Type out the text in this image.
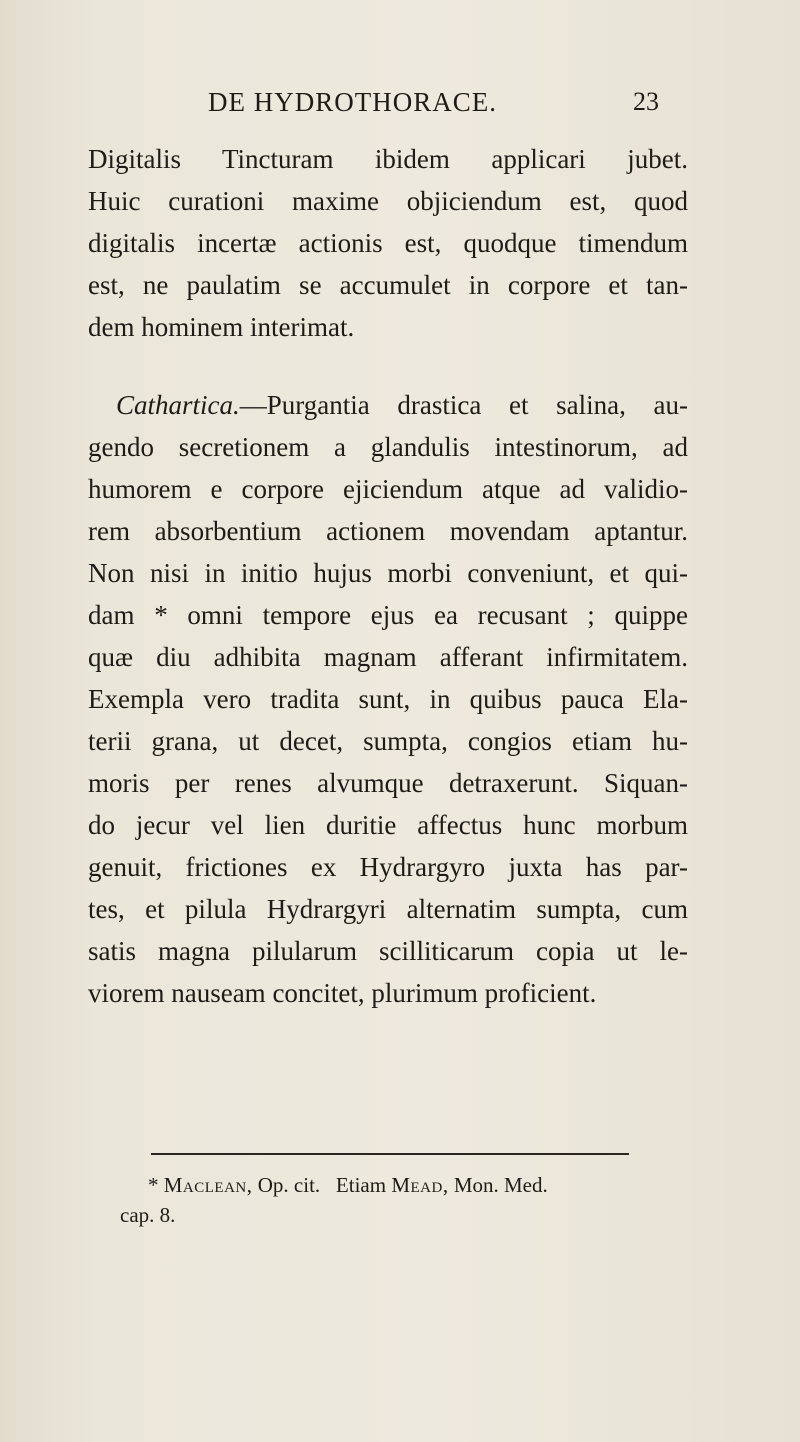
DE HYDROTHORACE.	23

Digitalis Tincturam ibidem applicari jubet.
Huic curationi maxime objiciendum est, quod
digitalis incertæ actionis est, quodque timendum
est, ne paulatim se accumulet in corpore et tan-
dem hominem interimat.

Cathartica.—Purgantia drastica et salina, au-
gendo secretionem a glandulis intestinorum, ad
humorem e corpore ejiciendum atque ad validio-
rem absorbentium actionem movendam aptantur.
Non nisi in initio hujus morbi conveniunt, et qui-
dam * omni tempore ejus ea recusant ; quippe
quæ diu adhibita magnam afferant infirmitatem.
Exempla vero tradita sunt, in quibus pauca Ela-
terii grana, ut decet, sumpta, congios etiam hu-
moris per renes alvumque detraxerunt. Siquan-
do jecur vel lien duritie affectus hunc morbum
genuit, frictiones ex Hydrargyro juxta has par-
tes, et pilula Hydrargyri alternatim sumpta, cum
satis magna pilularum scilliticarum copia ut le-
viorem nauseam concitet, plurimum proficient.

* Maclean, Op. cit. Etiam Mead, Mon. Med.
cap. 8.
